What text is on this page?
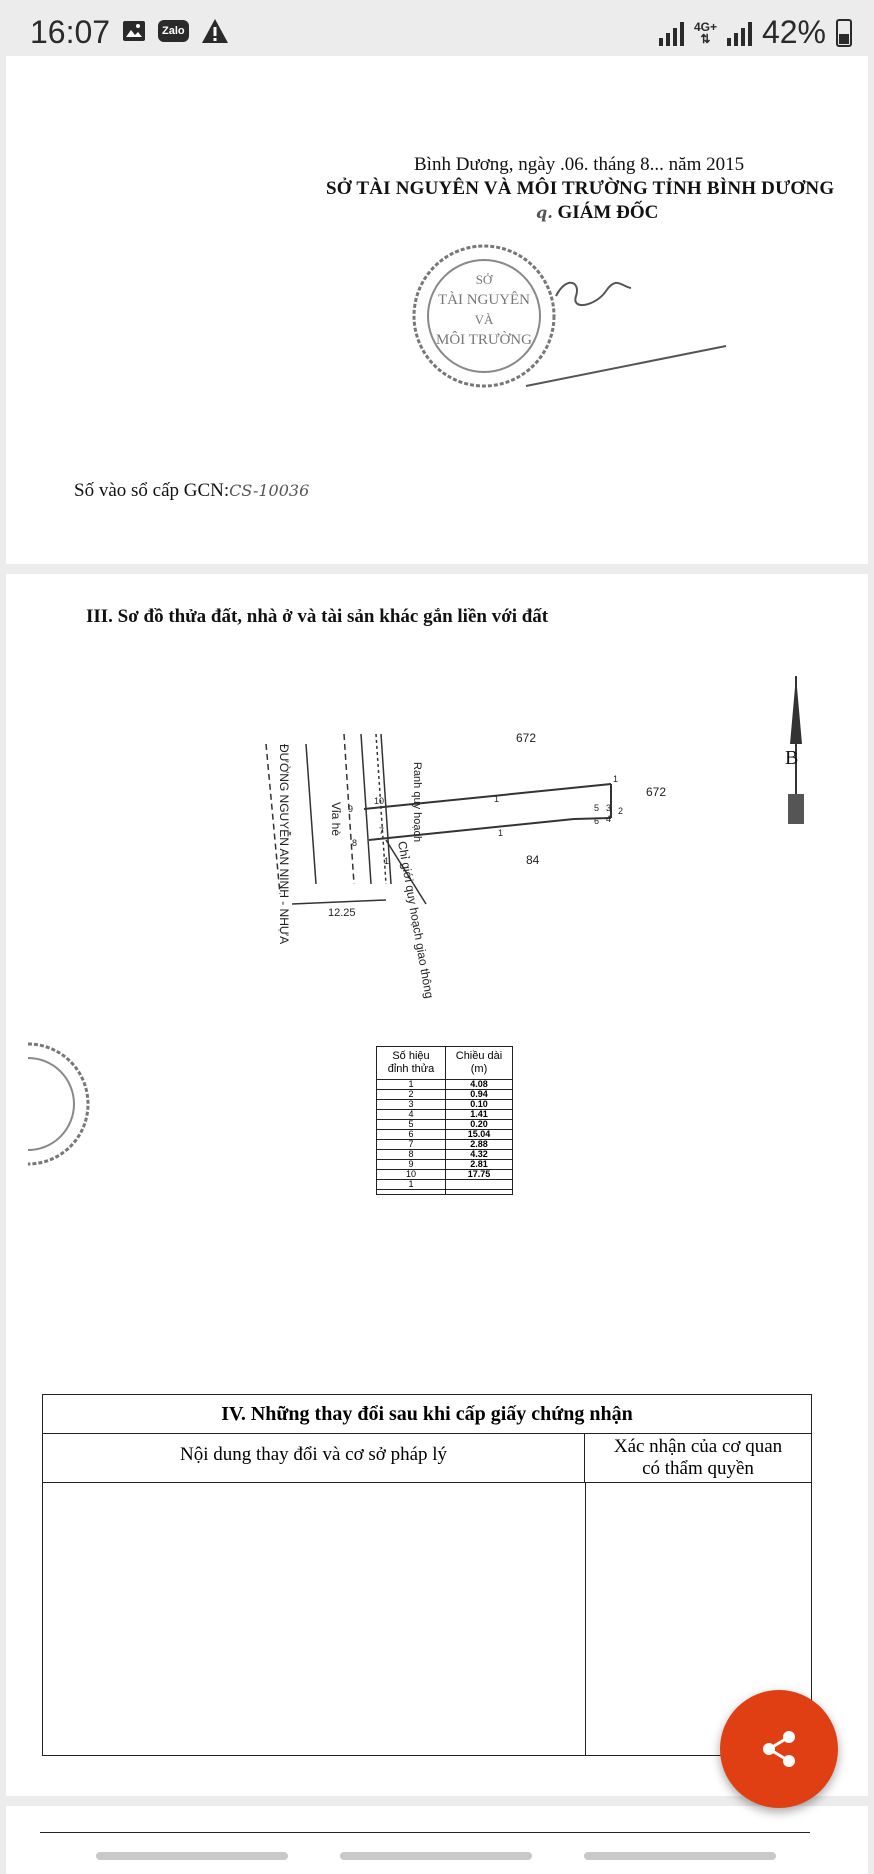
16:07	Zalo	4G+
⇅ 42%
Bình Dương, ngày .06. tháng 8... năm 2015
SỞ TÀI NGUYÊN VÀ MÔI TRƯỜNG TỈNH BÌNH DƯƠNG
q. GIÁM ĐỐC
SỞ
TÀI NGUYÊN
VÀ
MÔI TRƯỜNG
Số vào sổ cấp GCN:CS-10036
III. Sơ đồ thửa đất, nhà ở và tài sản khác gắn liền với đất
Ranh quy hoạch
ĐƯỜNG NGUYỄN AN NINH - NHỰA	Vỉa hè
Chỉ giới quy hoạch giao thông
672
672
84
12.25
1
2
3
4
5
6
7
8
9
10	1
1
1
B
Số hiệu đỉnh thửa	Chiều dài (m)
1	4.08
2	0.94
3	0.10
4	1.41
5	0.20
6	15.04
7	2.88
8	4.32
9	2.81
10	17.75
1	

IV. Những thay đổi sau khi cấp giấy chứng nhận
Nội dung thay đổi và cơ sở pháp lý	Xác nhận của cơ quan
có thẩm quyền
